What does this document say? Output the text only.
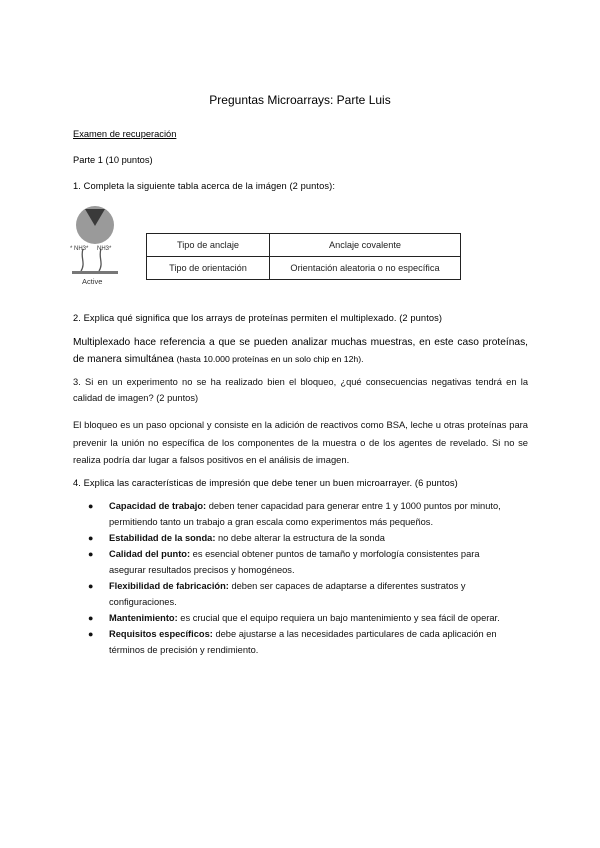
Preguntas Microarrays: Parte Luis
Examen de recuperación
Parte 1 (10 puntos)
1. Completa la siguiente tabla acerca de la imágen (2 puntos):
* NH3* NH3*
Active
Tipo de anclaje	Anclaje covalente
Tipo de orientación	Orientación aleatoria o no específica
2. Explica qué significa que los arrays de proteínas permiten el multiplexado. (2 puntos)
Multiplexado hace referencia a que se pueden analizar muchas muestras, en este caso proteínas, de manera simultánea (hasta 10.000 proteínas en un solo chip en 12h).
3. Si en un experimento no se ha realizado bien el bloqueo, ¿qué consecuencias negativas tendrá en la calidad de imagen? (2 puntos)
El bloqueo es un paso opcional y consiste en la adición de reactivos como BSA, leche u otras proteínas para prevenir la unión no específica de los componentes de la muestra o de los agentes de revelado. Si no se realiza podría dar lugar a falsos positivos en el análisis de imagen.
4. Explica las características de impresión que debe tener un buen microarrayer. (6 puntos)
● Capacidad de trabajo: deben tener capacidad para generar entre 1 y 1000 puntos por minuto, permitiendo tanto un trabajo a gran escala como experimentos más pequeños.
● Estabilidad de la sonda: no debe alterar la estructura de la sonda
● Calidad del punto: es esencial obtener puntos de tamaño y morfología consistentes para
asegurar resultados precisos y homogéneos.
● Flexibilidad de fabricación: deben ser capaces de adaptarse a diferentes sustratos y configuraciones.
● Mantenimiento: es crucial que el equipo requiera un bajo mantenimiento y sea fácil de operar.
● Requisitos específicos: debe ajustarse a las necesidades particulares de cada aplicación en términos de precisión y rendimiento.
